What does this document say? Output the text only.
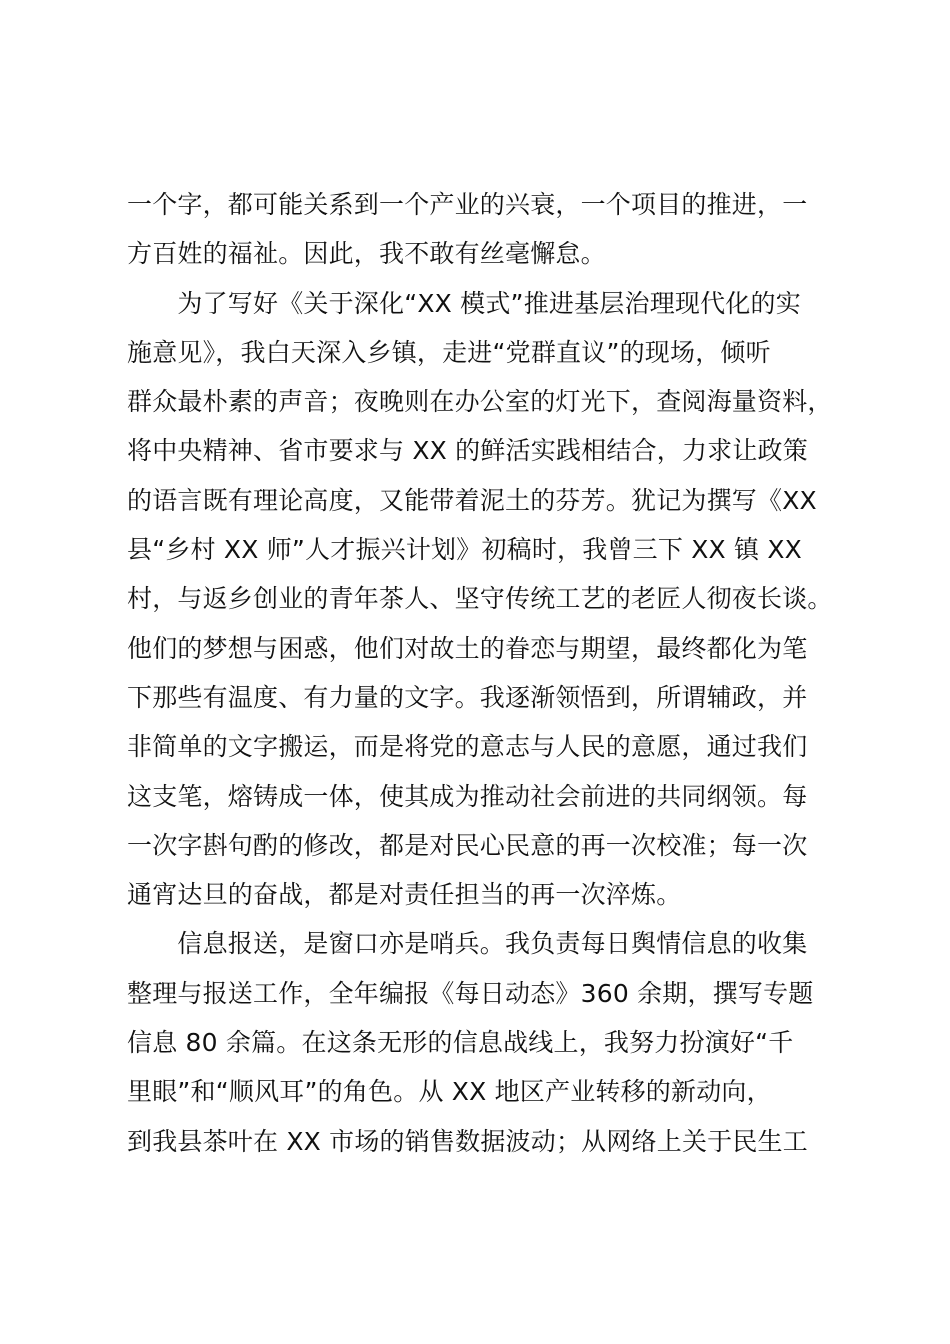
一个字，都可能关系到一个产业的兴衰，一个项目的推进，一
方百姓的福祉。因此，我不敢有丝毫懈怠。
　　为了写好《关于深化“XX 模式”推进基层治理现代化的实
施意见》，我白天深入乡镇，走进“党群直议”的现场，倾听
群众最朴素的声音；夜晚则在办公室的灯光下，查阅海量资料，
将中央精神、省市要求与 XX 的鲜活实践相结合，力求让政策
的语言既有理论高度，又能带着泥土的芬芳。犹记为撰写《XX
县“乡村 XX 师”人才振兴计划》初稿时，我曾三下 XX 镇 XX
村，与返乡创业的青年茶人、坚守传统工艺的老匠人彻夜长谈。
他们的梦想与困惑，他们对故土的眷恋与期望，最终都化为笔
下那些有温度、有力量的文字。我逐渐领悟到，所谓辅政，并
非简单的文字搬运，而是将党的意志与人民的意愿，通过我们
这支笔，熔铸成一体，使其成为推动社会前进的共同纲领。每
一次字斟句酌的修改，都是对民心民意的再一次校准；每一次
通宵达旦的奋战，都是对责任担当的再一次淬炼。
　　信息报送，是窗口亦是哨兵。我负责每日舆情信息的收集
整理与报送工作，全年编报《每日动态》360 余期，撰写专题
信息 80 余篇。在这条无形的信息战线上，我努力扮演好“千
里眼”和“顺风耳”的角色。从 XX 地区产业转移的新动向，
到我县茶叶在 XX 市场的销售数据波动；从网络上关于民生工
